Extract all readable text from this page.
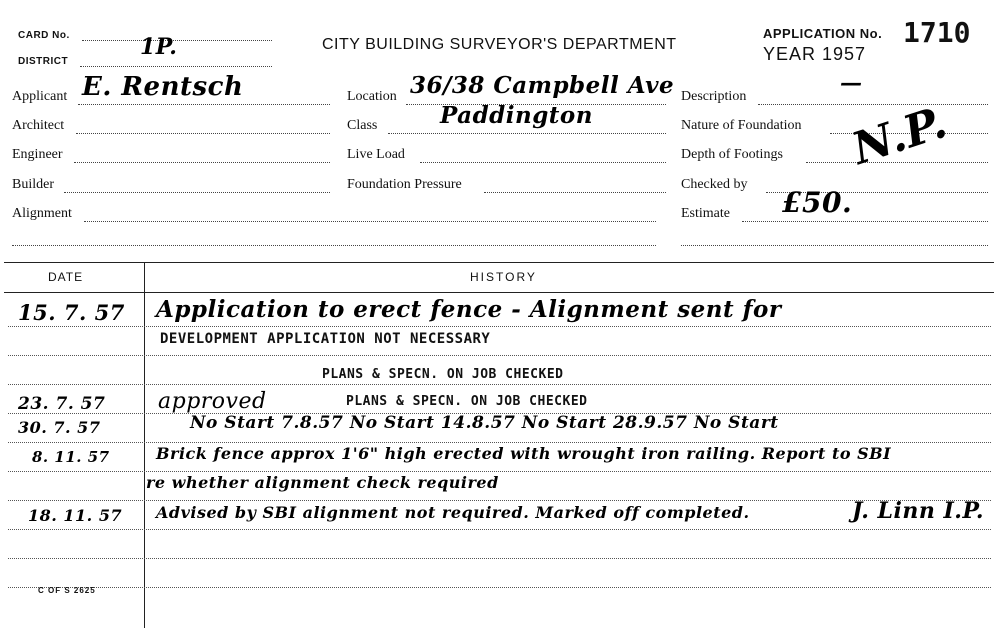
CARD No.
DISTRICT
1P.	CITY BUILDING SURVEYOR'S DEPARTMENT
APPLICATION No. 1710
YEAR 1957
Applicant E. Rentsch
Architect
Engineer
Builder
Alignment
Location 36/38 Campbell Ave
Class	Paddington
Live Load
Foundation Pressure
Description
—
Nature of Foundation
Depth of Footings
Checked by
N.P.
Estimate £50.
DATE	HISTORY
15. 7. 57 Application to erect fence - Alignment sent for
DEVELOPMENT APPLICATION NOT NECESSARY
PLANS & SPECN. ON JOB CHECKED
23. 7. 57 approved	PLANS & SPECN. ON JOB CHECKED
30. 7. 57	No Start 7.8.57 No Start 14.8.57 No Start 28.9.57 No Start
8. 11. 57	Brick fence approx 1'6" high erected with wrought iron railing. Report to SBI
re whether alignment check required
18. 11. 57 Advised by SBI alignment not required. Marked off completed.	J. Linn I.P.
C OF S 2625
